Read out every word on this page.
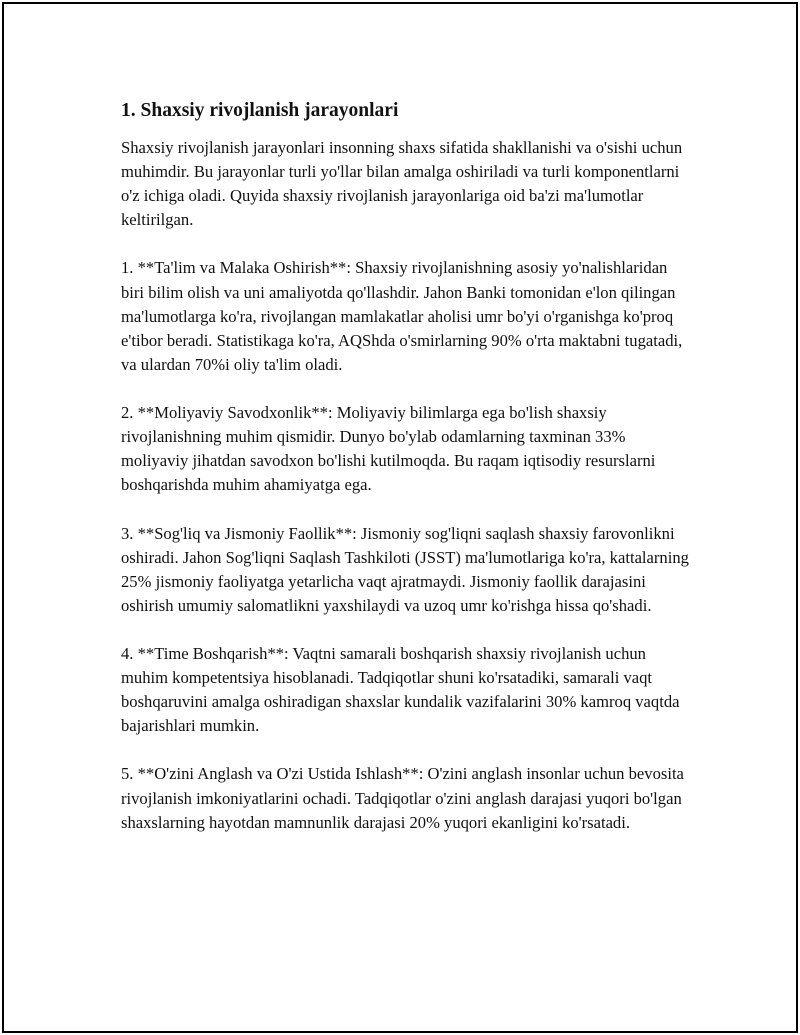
1. Shaxsiy rivojlanish jarayonlari

Shaxsiy rivojlanish jarayonlari insonning shaxs sifatida shakllanishi va o'sishi uchun muhimdir. Bu jarayonlar turli yo'llar bilan amalga oshiriladi va turli komponentlarni o'z ichiga oladi. Quyida shaxsiy rivojlanish jarayonlariga oid ba'zi ma'lumotlar keltirilgan.

1. **Ta'lim va Malaka Oshirish**: Shaxsiy rivojlanishning asosiy yo'nalishlaridan biri bilim olish va uni amaliyotda qo'llashdir. Jahon Banki tomonidan e'lon qilingan ma'lumotlarga ko'ra, rivojlangan mamlakatlar aholisi umr bo'yi o'rganishga ko'proq e'tibor beradi. Statistikaga ko'ra, AQShda o'smirlarning 90% o'rta maktabni tugatadi, va ulardan 70%i oliy ta'lim oladi.

2. **Moliyaviy Savodxonlik**: Moliyaviy bilimlarga ega bo'lish shaxsiy rivojlanishning muhim qismidir. Dunyo bo'ylab odamlarning taxminan 33% moliyaviy jihatdan savodxon bo'lishi kutilmoqda. Bu raqam iqtisodiy resurslarni boshqarishda muhim ahamiyatga ega.

3. **Sog'liq va Jismoniy Faollik**: Jismoniy sog'liqni saqlash shaxsiy farovonlikni oshiradi. Jahon Sog'liqni Saqlash Tashkiloti (JSST) ma'lumotlariga ko'ra, kattalarning 25% jismoniy faoliyatga yetarlicha vaqt ajratmaydi. Jismoniy faollik darajasini oshirish umumiy salomatlikni yaxshilaydi va uzoq umr ko'rishga hissa qo'shadi.

4. **Time Boshqarish**: Vaqtni samarali boshqarish shaxsiy rivojlanish uchun muhim kompetentsiya hisoblanadi. Tadqiqotlar shuni ko'rsatadiki, samarali vaqt boshqaruvini amalga oshiradigan shaxslar kundalik vazifalarini 30% kamroq vaqtda bajarishlari mumkin.

5. **O'zini Anglash va O'zi Ustida Ishlash**: O'zini anglash insonlar uchun bevosita rivojlanish imkoniyatlarini ochadi. Tadqiqotlar o'zini anglash darajasi yuqori bo'lgan shaxslarning hayotdan mamnunlik darajasi 20% yuqori ekanligini ko'rsatadi.
